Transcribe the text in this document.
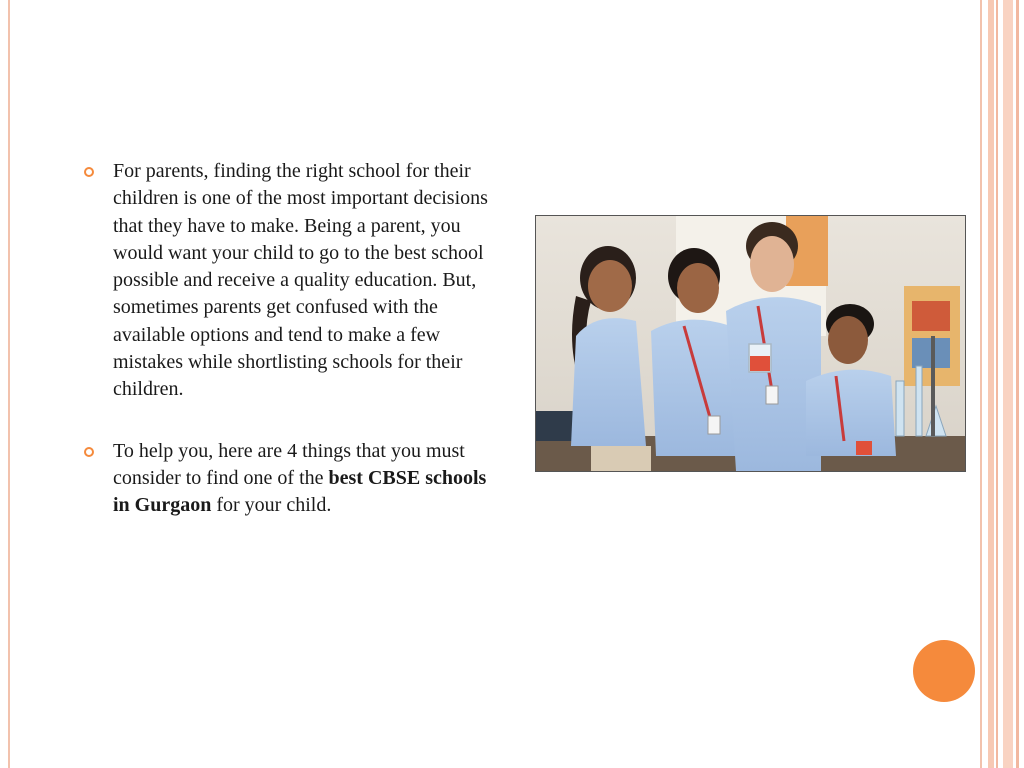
For parents, finding the right school for their children is one of the most important decisions that they have to make. Being a parent, you would want your child to go to the best school possible and receive a quality education. But, sometimes parents get confused with the available options and tend to make a few mistakes while shortlisting schools for their children.

To help you, here are 4 things that you must consider to find one of the best CBSE schools in Gurgaon for your child.
